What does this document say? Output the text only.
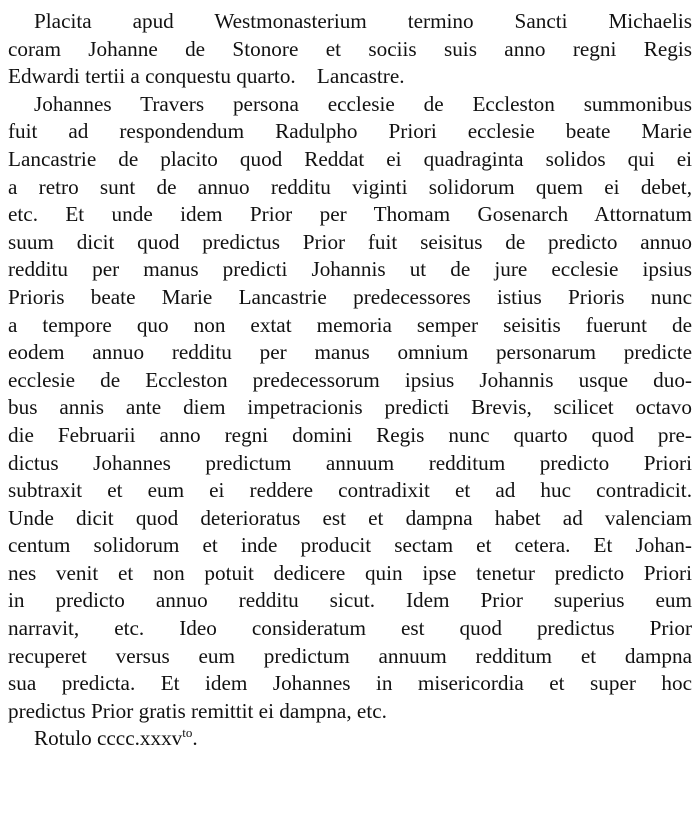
Placita apud Westmonasterium termino Sancti Michaelis
coram Johanne de Stonore et sociis suis anno regni Regis
Edwardi tertii a conquestu quarto.    Lancastre.
Johannes Travers persona ecclesie de Eccleston summonibus
fuit ad respondendum Radulpho Priori ecclesie beate Marie
Lancastrie de placito quod Reddat ei quadraginta solidos qui ei
a retro sunt de annuo redditu viginti solidorum quem ei debet,
etc. Et unde idem Prior per Thomam Gosenarch Attornatum
suum dicit quod predictus Prior fuit seisitus de predicto annuo
redditu per manus predicti Johannis ut de jure ecclesie ipsius
Prioris beate Marie Lancastrie predecessores istius Prioris nunc
a tempore quo non extat memoria semper seisitis fuerunt de
eodem annuo redditu per manus omnium personarum predicte
ecclesie de Eccleston predecessorum ipsius Johannis usque duo-
bus annis ante diem impetracionis predicti Brevis, scilicet octavo
die Februarii anno regni domini Regis nunc quarto quod pre-
dictus Johannes predictum annuum redditum predicto Priori
subtraxit et eum ei reddere contradixit et ad huc contradicit.
Unde dicit quod deterioratus est et dampna habet ad valenciam
centum solidorum et inde producit sectam et cetera. Et Johan-
nes venit et non potuit dedicere quin ipse tenetur predicto Priori
in predicto annuo redditu sicut. Idem Prior superius eum
narravit, etc. Ideo consideratum est quod predictus Prior
recuperet versus eum predictum annuum redditum et dampna
sua predicta. Et idem Johannes in misericordia et super hoc
predictus Prior gratis remittit ei dampna, etc.
Rotulo cccc.xxxv$^{to}$.
